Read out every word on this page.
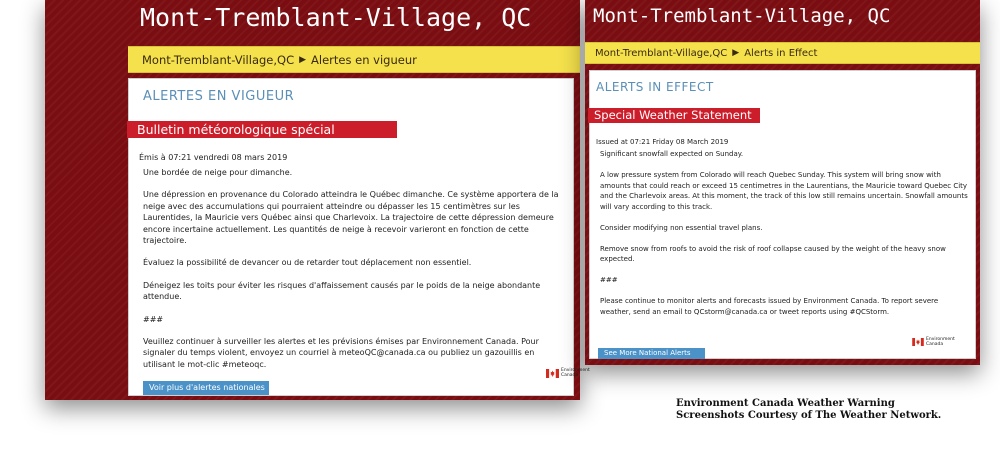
Mont-Tremblant-Village, QC
Mont-Tremblant-Village,QC ▶ Alertes en vigueur
ALERTES EN VIGUEUR
Bulletin météorologique spécial
Émis à 07:21 vendredi 08 mars 2019

Une bordée de neige pour dimanche.

Une dépression en provenance du Colorado atteindra le Québec dimanche. Ce système apportera de la neige avec des accumulations qui pourraient atteindre ou dépasser les 15 centimètres sur les Laurentides, la Mauricie vers Québec ainsi que Charlevoix. La trajectoire de cette dépression demeure encore incertaine actuellement. Les quantités de neige à recevoir varieront en fonction de cette trajectoire.

Évaluez la possibilité de devancer ou de retarder tout déplacement non essentiel.

Déneigez les toits pour éviter les risques d'affaissement causés par le poids de la neige abondante attendue.

###

Veuillez continuer à surveiller les alertes et les prévisions émises par Environnement Canada. Pour signaler du temps violent, envoyez un courriel à meteoQC@canada.ca ou publiez un gazouillis en utilisant le mot-clic #meteoqc.

Voir plus d'alertes nationales
Environment
Canada
Mont-Tremblant-Village, QC
Mont-Tremblant-Village,QC ▶ Alerts in Effect
ALERTS IN EFFECT
Special Weather Statement
Issued at 07:21 Friday 08 March 2019

Significant snowfall expected on Sunday.

A low pressure system from Colorado will reach Quebec Sunday. This system will bring snow with amounts that could reach or exceed 15 centimetres in the Laurentians, the Mauricie toward Quebec City and the Charlevoix areas. At this moment, the track of this low still remains uncertain. Snowfall amounts will vary according to this track.

Consider modifying non essential travel plans.

Remove snow from roofs to avoid the risk of roof collapse caused by the weight of the heavy snow expected.

###

Please continue to monitor alerts and forecasts issued by Environment Canada. To report severe weather, send an email to QCstorm@canada.ca or tweet reports using #QCStorm.

See More National Alerts
Environment
Canada
Environment Canada Weather Warning
Screenshots Courtesy of The Weather Network.
